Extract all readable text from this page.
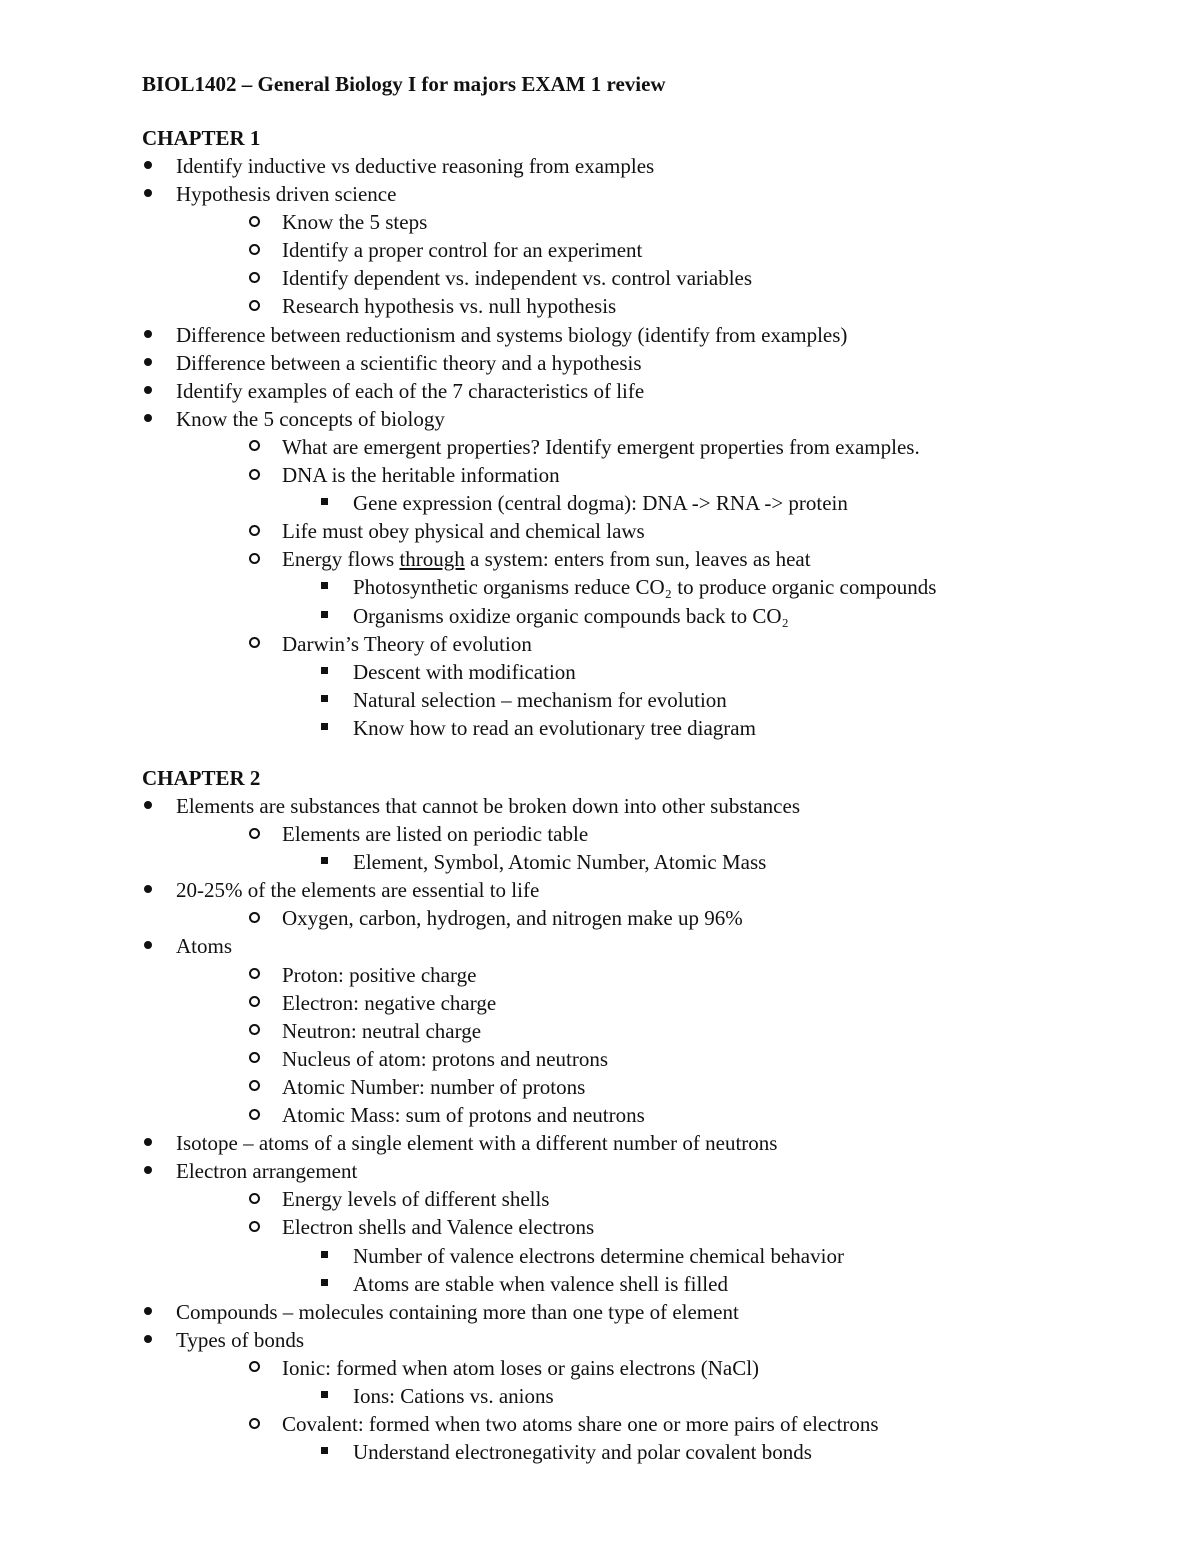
BIOL1402 – General Biology I for majors EXAM 1 review
CHAPTER 1
Identify inductive vs deductive reasoning from examples
Hypothesis driven science
Know the 5 steps
Identify a proper control for an experiment
Identify dependent vs. independent vs. control variables
Research hypothesis vs. null hypothesis
Difference between reductionism and systems biology (identify from examples)
Difference between a scientific theory and a hypothesis
Identify examples of each of the 7 characteristics of life
Know the 5 concepts of biology
What are emergent properties? Identify emergent properties from examples.
DNA is the heritable information
Gene expression (central dogma): DNA -> RNA -> protein
Life must obey physical and chemical laws
Energy flows through a system: enters from sun, leaves as heat
Photosynthetic organisms reduce CO₂ to produce organic compounds
Organisms oxidize organic compounds back to CO₂
Darwin’s Theory of evolution
Descent with modification
Natural selection – mechanism for evolution
Know how to read an evolutionary tree diagram
CHAPTER 2
Elements are substances that cannot be broken down into other substances
Elements are listed on periodic table
Element, Symbol, Atomic Number, Atomic Mass
20-25% of the elements are essential to life
Oxygen, carbon, hydrogen, and nitrogen make up 96%
Atoms
Proton: positive charge
Electron: negative charge
Neutron: neutral charge
Nucleus of atom: protons and neutrons
Atomic Number: number of protons
Atomic Mass: sum of protons and neutrons
Isotope – atoms of a single element with a different number of neutrons
Electron arrangement
Energy levels of different shells
Electron shells and Valence electrons
Number of valence electrons determine chemical behavior
Atoms are stable when valence shell is filled
Compounds – molecules containing more than one type of element
Types of bonds
Ionic: formed when atom loses or gains electrons (NaCl)
Ions: Cations vs. anions
Covalent: formed when two atoms share one or more pairs of electrons
Understand electronegativity and polar covalent bonds
